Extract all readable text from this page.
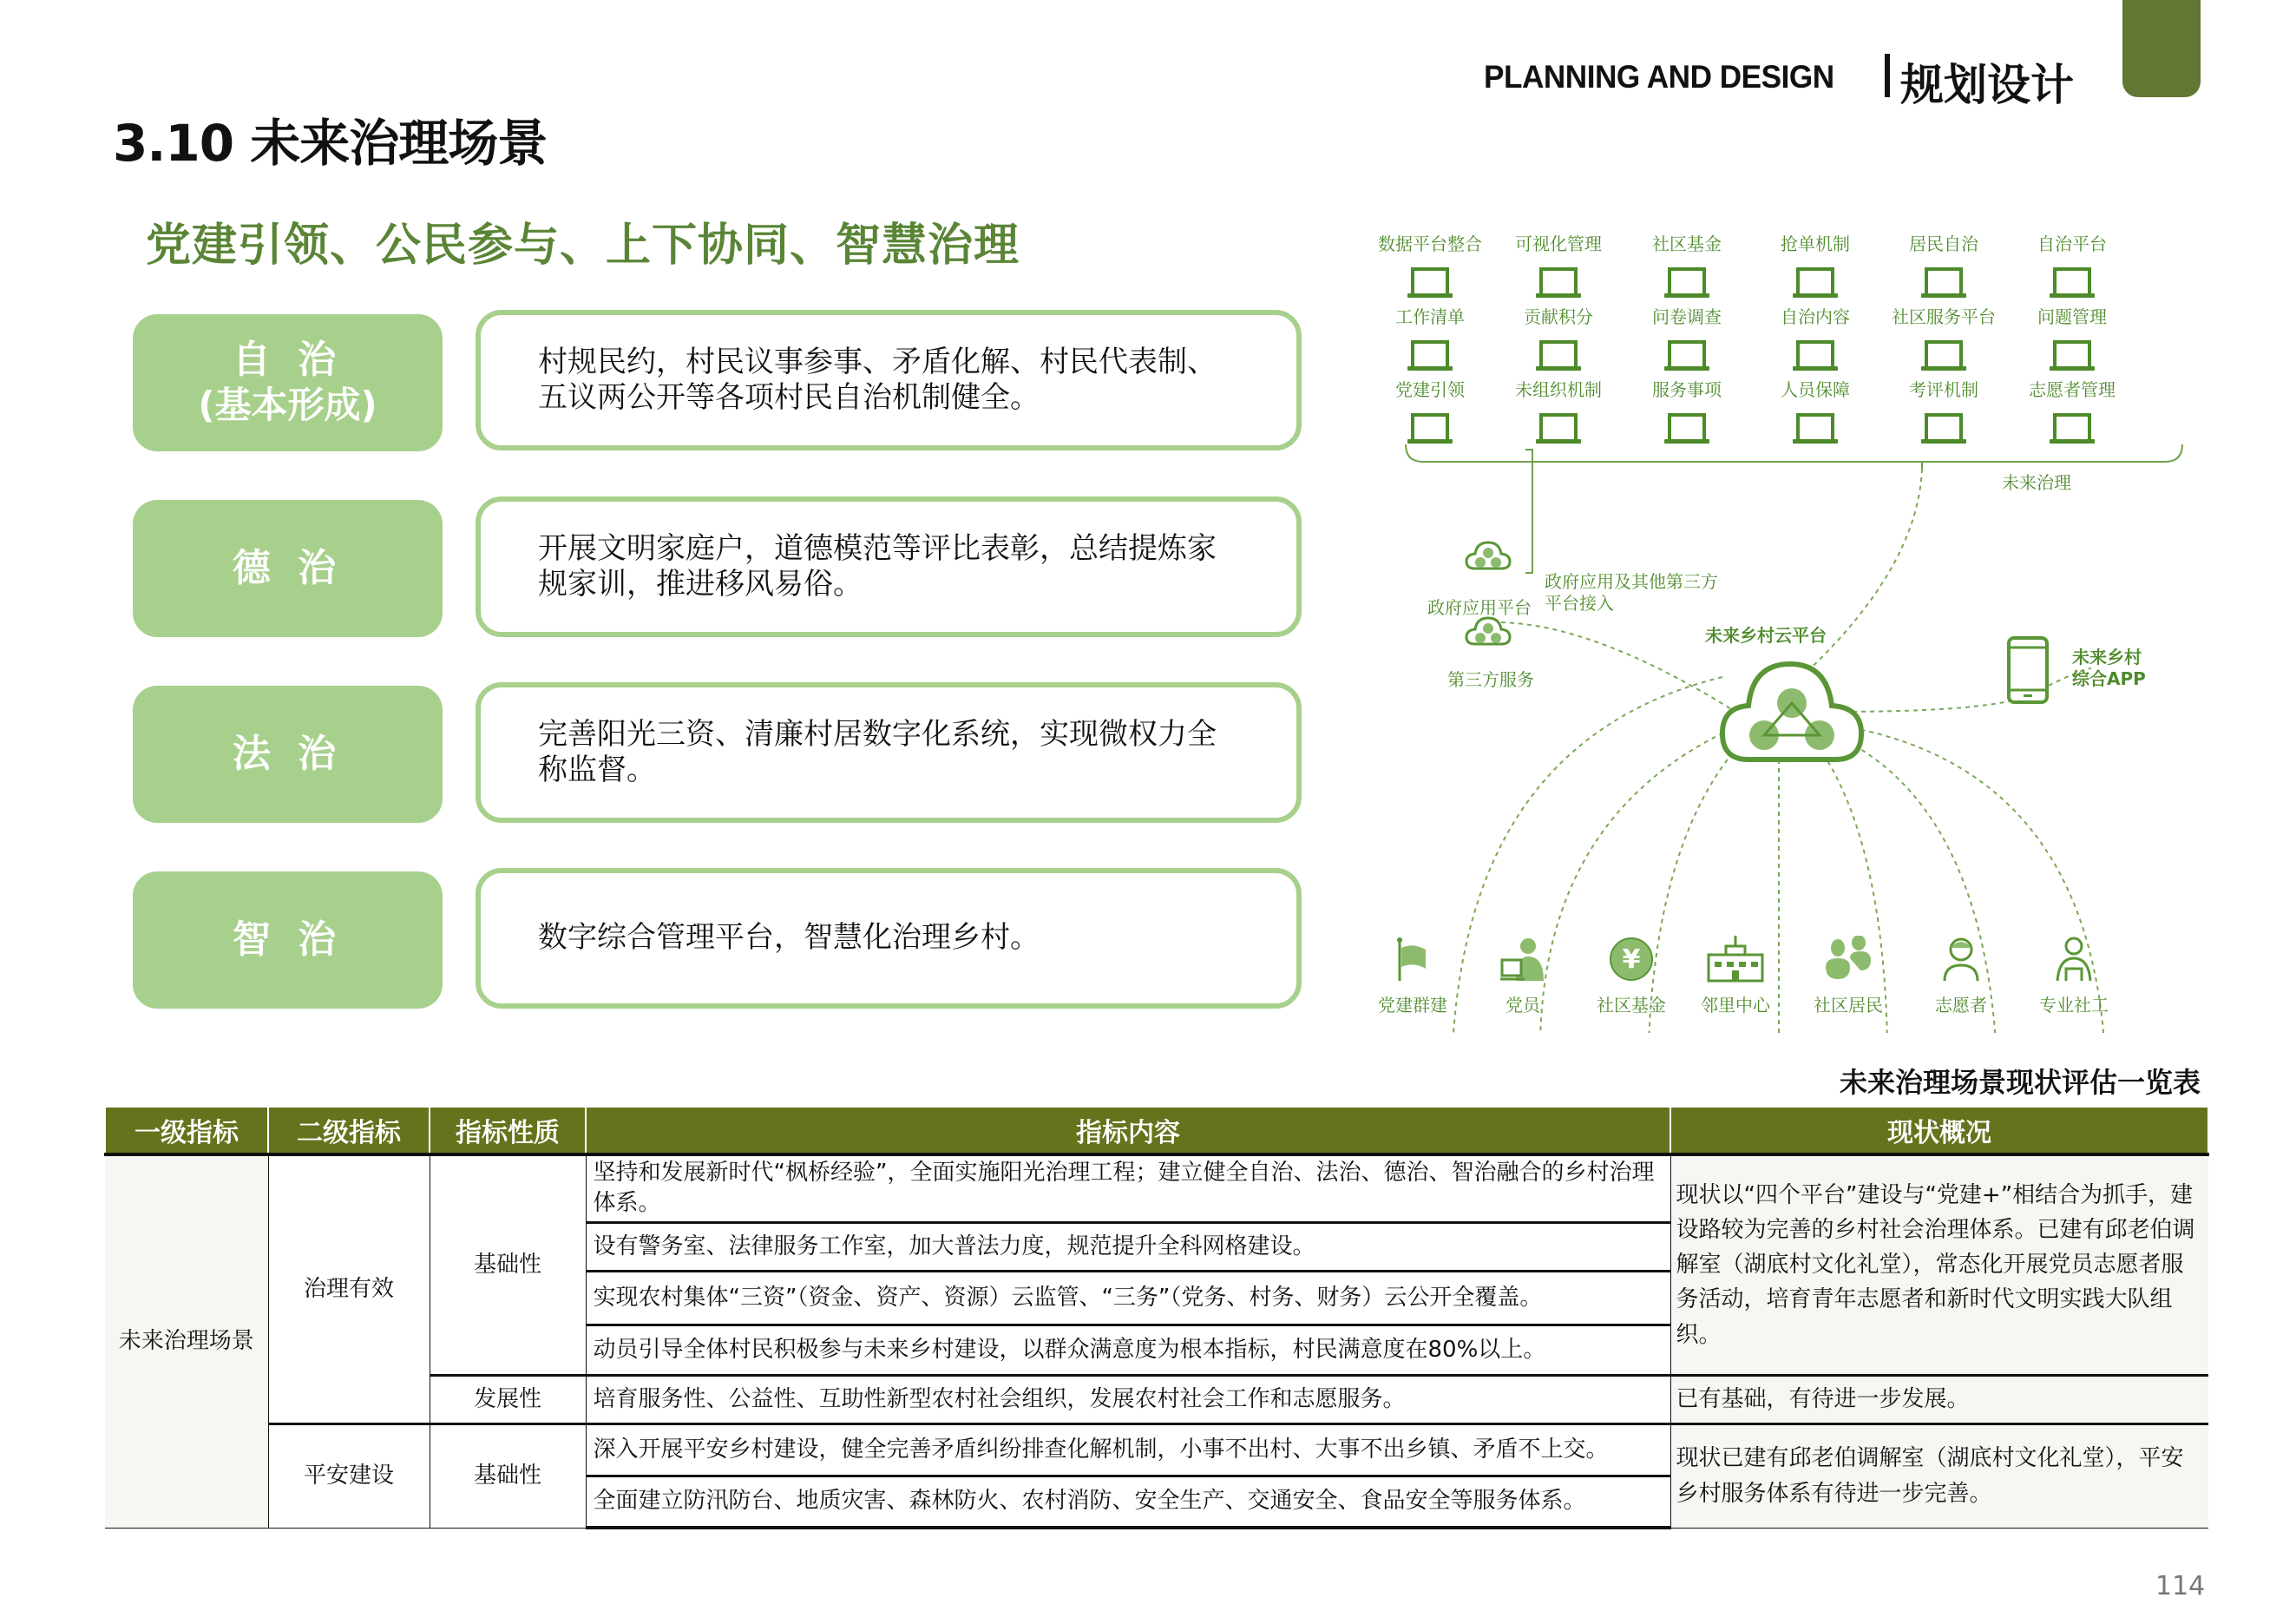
PLANNING AND DESIGN 规划设计
3.10 未来治理场景
党建引领、公民参与、上下协同、智慧治理
自 治
(基本形成)
村规民约，村民议事参事、矛盾化解、村民代表制、五议两公开等各项村民自治机制健全。
德 治	开展文明家庭户，道德模范等评比表彰，总结提炼家规家训，推进移风易俗。
法 治	完善阳光三资、清廉村居数字化系统，实现微权力全称监督。
智 治	数字综合管理平台，智慧化治理乡村。
数据平台整合	可视化管理	社区基金	抢单机制	居民自治	自治平台
工作清单	贡献积分	问卷调查	自治内容	社区服务平台	问题管理
党建引领	未组织机制	服务事项	人员保障	考评机制	志愿者管理
未来治理
政府应用平台
第三方服务
政府应用及其他第三方
平台接入
未来乡村云平台
未来乡村
综合APP
党建群建	党员
¥
社区基金	邻里中心	社区居民	志愿者	专业社工
未来治理场景现状评估一览表
一级指标	二级指标	指标性质	指标内容	现状概况
未来治理场景	治理有效	基础性	坚持和发展新时代“枫桥经验”，全面实施阳光治理工程；建立健全自治、法治、德治、智治融合的乡村治理体系。	现状以“四个平台”建设与“党建+”相结合为抓手，建设路较为完善的乡村社会治理体系。已建有邱老伯调解室（湖底村文化礼堂），常态化开展党员志愿者服务活动，培育青年志愿者和新时代文明实践大队组织。
			设有警务室、法律服务工作室，加大普法力度，规范提升全科网格建设。	
			实现农村集体“三资”（资金、资产、资源）云监管、“三务”（党务、村务、财务）云公开全覆盖。	
			动员引导全体村民积极参与未来乡村建设，以群众满意度为根本指标，村民满意度在80%以上。	
		发展性	培育服务性、公益性、互助性新型农村社会组织，发展农村社会工作和志愿服务。	已有基础，有待进一步发展。
	平安建设	基础性	深入开展平安乡村建设，健全完善矛盾纠纷排查化解机制，小事不出村、大事不出乡镇、矛盾不上交。	现状已建有邱老伯调解室（湖底村文化礼堂），平安乡村服务体系有待进一步完善。
			全面建立防汛防台、地质灾害、森林防火、农村消防、安全生产、交通安全、食品安全等服务体系。	
114
